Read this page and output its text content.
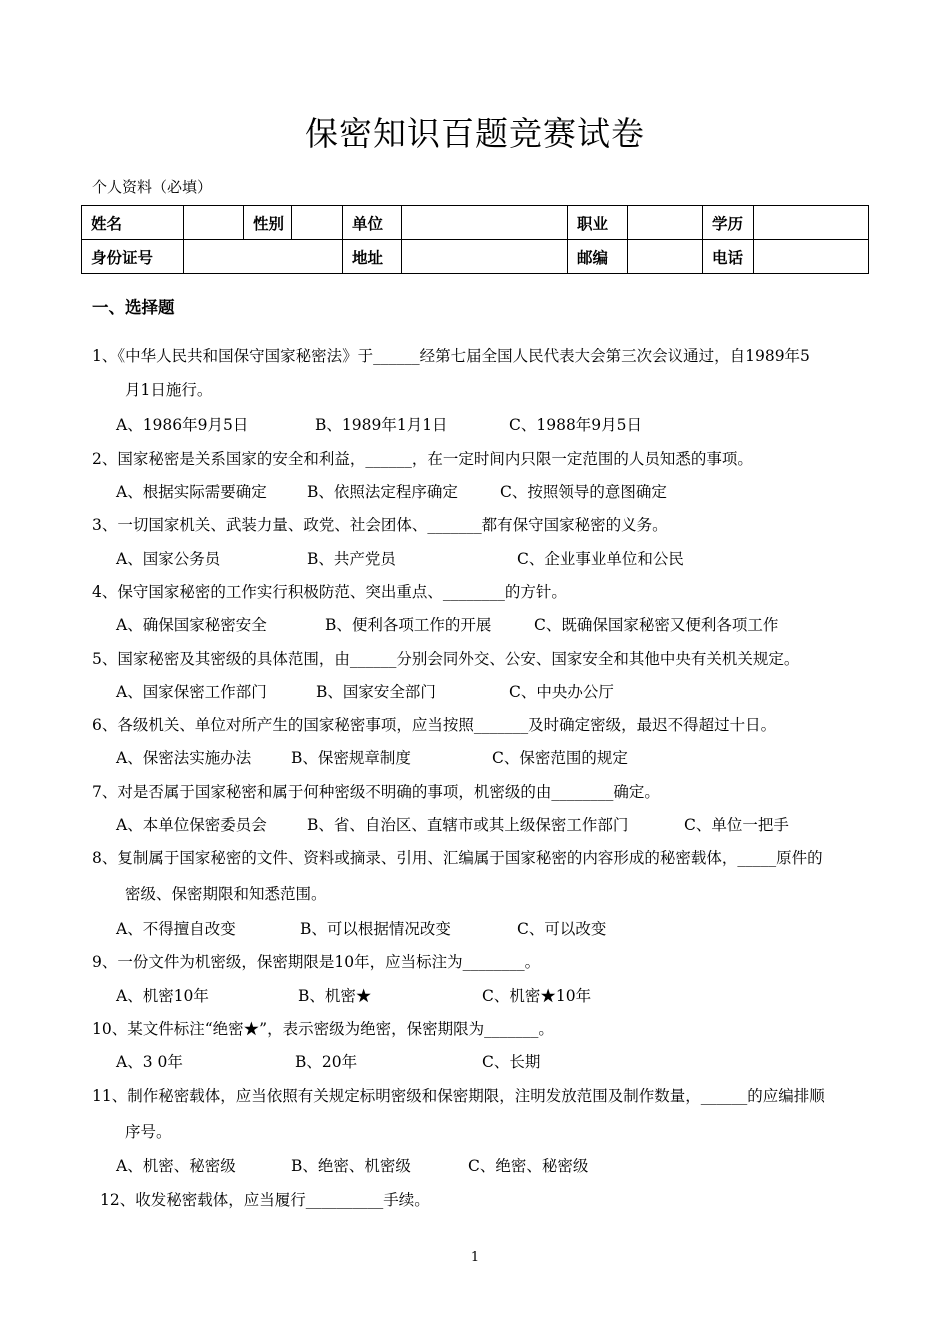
保密知识百题竞赛试卷
个人资料（必填）
姓名		性别		单位		职业		学历	
身份证号				地址		邮编		电话	
一、选择题
1、《中华人民共和国保守国家秘密法》于______经第七届全国人民代表大会第三次会议通过，自1989年5
月1日施行。
A、1986年9月5日	B、1989年1月1日	C、1988年9月5日
2、国家秘密是关系国家的安全和利益，______，在一定时间内只限一定范围的人员知悉的事项。
A、根据实际需要确定	B、依照法定程序确定	C、按照领导的意图确定
3、一切国家机关、武装力量、政党、社会团体、_______都有保守国家秘密的义务。
A、国家公务员	B、共产党员	C、企业事业单位和公民
4、保守国家秘密的工作实行积极防范、突出重点、________的方针。
A、确保国家秘密安全	B、便利各项工作的开展	C、既确保国家秘密又便利各项工作
5、国家秘密及其密级的具体范围，由______分别会同外交、公安、国家安全和其他中央有关机关规定。
A、国家保密工作部门	B、国家安全部门	C、中央办公厅
6、各级机关、单位对所产生的国家秘密事项，应当按照_______及时确定密级，最迟不得超过十日。
A、保密法实施办法	B、保密规章制度	C、保密范围的规定
7、对是否属于国家秘密和属于何种密级不明确的事项，机密级的由________确定。
A、本单位保密委员会	B、省、自治区、直辖市或其上级保密工作部门	C、单位一把手
8、复制属于国家秘密的文件、资料或摘录、引用、汇编属于国家秘密的内容形成的秘密载体，_____原件的
密级、保密期限和知悉范围。
A、不得擅自改变	B、可以根据情况改变	C、可以改变
9、一份文件为机密级，保密期限是10年，应当标注为________。
A、机密10年	B、机密★	C、机密★10年
10、某文件标注“绝密★”，表示密级为绝密，保密期限为_______。
A、3 0年	B、20年	C、长期
11、制作秘密载体，应当依照有关规定标明密级和保密期限，注明发放范围及制作数量，______的应编排顺
序号。
A、机密、秘密级	B、绝密、机密级	C、绝密、秘密级
12、收发秘密载体，应当履行__________手续。
1
